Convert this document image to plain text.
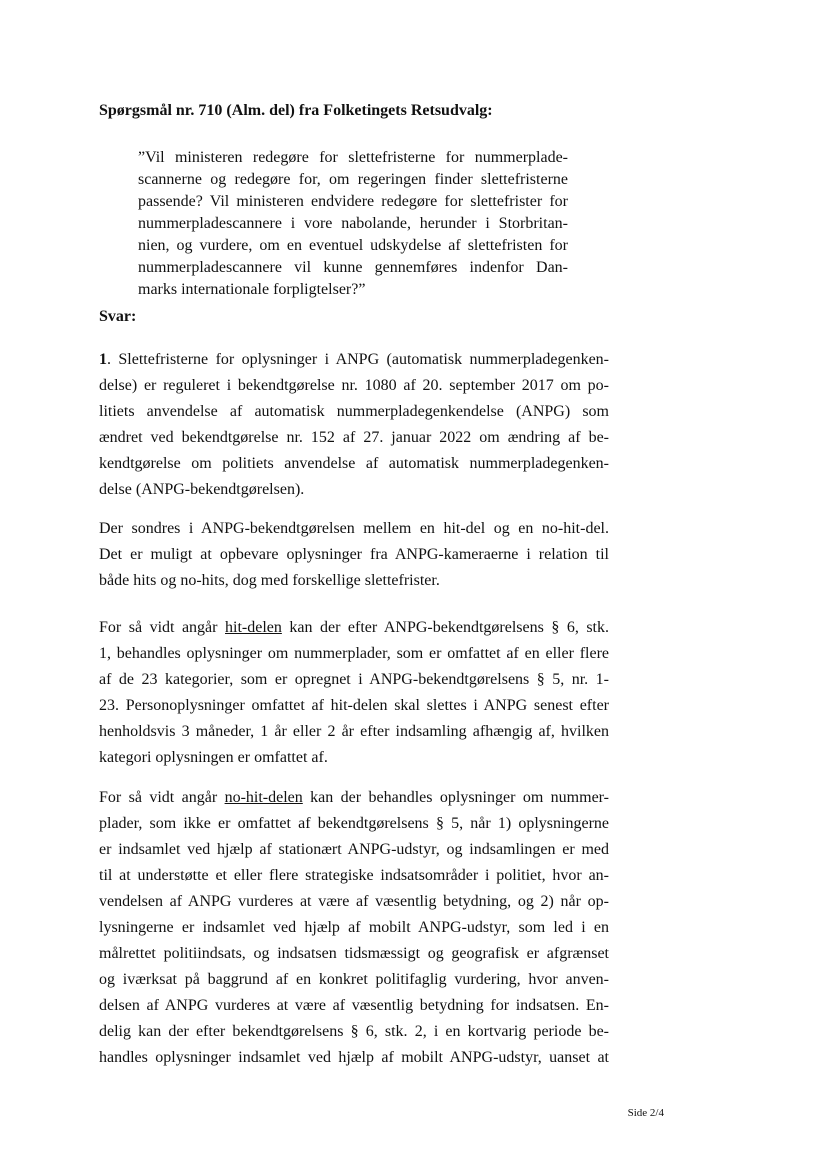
Spørgsmål nr. 710 (Alm. del) fra Folketingets Retsudvalg:
”Vil ministeren redegøre for slettefristerne for nummerplade-
scannerne og redegøre for, om regeringen finder slettefristerne
passende? Vil ministeren endvidere redegøre for slettefrister for
nummerpladescannere i vore nabolande, herunder i Storbritan-
nien, og vurdere, om en eventuel udskydelse af slettefristen for
nummerpladescannere vil kunne gennemføres indenfor Dan-
marks internationale forpligtelser?”
Svar:
1. Slettefristerne for oplysninger i ANPG (automatisk nummerpladegenken-
delse) er reguleret i bekendtgørelse nr. 1080 af 20. september 2017 om po-
litiets anvendelse af automatisk nummerpladegenkendelse (ANPG) som
ændret ved bekendtgørelse nr. 152 af 27. januar 2022 om ændring af be-
kendtgørelse om politiets anvendelse af automatisk nummerpladegenken-
delse (ANPG-bekendtgørelsen).
Der sondres i ANPG-bekendtgørelsen mellem en hit-del og en no-hit-del.
Det er muligt at opbevare oplysninger fra ANPG-kameraerne i relation til
både hits og no-hits, dog med forskellige slettefrister.
For så vidt angår hit-delen kan der efter ANPG-bekendtgørelsens § 6, stk.
1, behandles oplysninger om nummerplader, som er omfattet af en eller flere
af de 23 kategorier, som er opregnet i ANPG-bekendtgørelsens § 5, nr. 1-
23. Personoplysninger omfattet af hit-delen skal slettes i ANPG senest efter
henholdsvis 3 måneder, 1 år eller 2 år efter indsamling afhængig af, hvilken
kategori oplysningen er omfattet af.
For så vidt angår no-hit-delen kan der behandles oplysninger om nummer-
plader, som ikke er omfattet af bekendtgørelsens § 5, når 1) oplysningerne
er indsamlet ved hjælp af stationært ANPG-udstyr, og indsamlingen er med
til at understøtte et eller flere strategiske indsatsområder i politiet, hvor an-
vendelsen af ANPG vurderes at være af væsentlig betydning, og 2) når op-
lysningerne er indsamlet ved hjælp af mobilt ANPG-udstyr, som led i en
målrettet politiindsats, og indsatsen tidsmæssigt og geografisk er afgrænset
og iværksat på baggrund af en konkret politifaglig vurdering, hvor anven-
delsen af ANPG vurderes at være af væsentlig betydning for indsatsen. En-
delig kan der efter bekendtgørelsens § 6, stk. 2, i en kortvarig periode be-
handles oplysninger indsamlet ved hjælp af mobilt ANPG-udstyr, uanset at
Side 2/4
